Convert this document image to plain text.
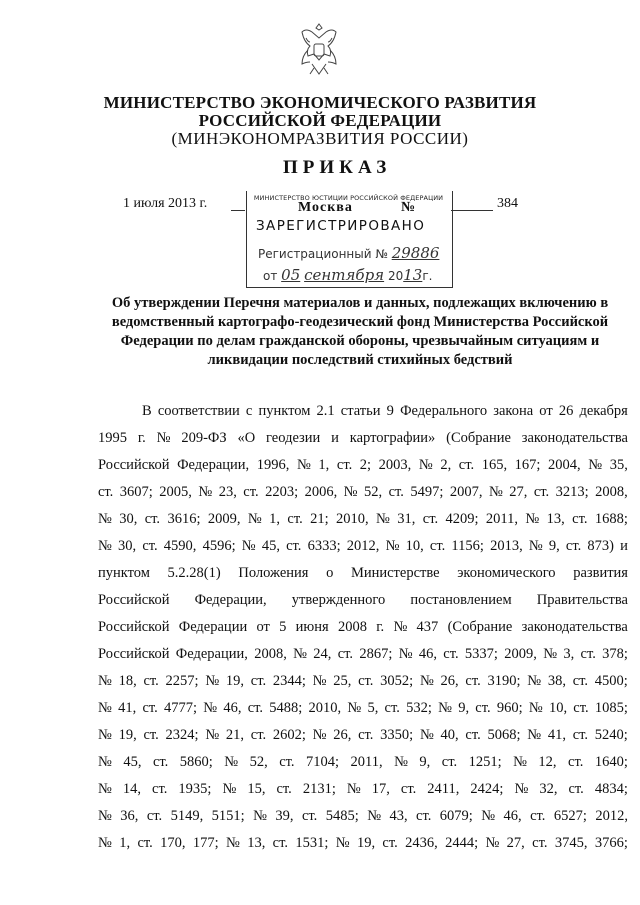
МИНИСТЕРСТВО ЭКОНОМИЧЕСКОГО РАЗВИТИЯ
РОССИЙСКОЙ ФЕДЕРАЦИИ
(МИНЭКОНОМРАЗВИТИЯ РОССИИ)
ПРИКАЗ
1 июля 2013 г.	384
МИНИСТЕРСТВО ЮСТИЦИИ РОССИЙСКОЙ ФЕДЕРАЦИИ
Москва	№
ЗАРЕГИСТРИРОВАНО
Регистрационный № 29886
от 05 сентября 2013г.
Об утверждении Перечня материалов и данных, подлежащих включению в
ведомственный картографо-геодезический фонд Министерства Российской
Федерации по делам гражданской обороны, чрезвычайным ситуациям и
ликвидации последствий стихийных бедствий
В соответствии с пунктом 2.1 статьи 9 Федерального закона от 26 декабря
1995 г. № 209-ФЗ «О геодезии и картографии» (Собрание законодательства
Российской Федерации, 1996, № 1, ст. 2; 2003, № 2, ст. 165, 167; 2004, № 35,
ст. 3607; 2005, № 23, ст. 2203; 2006, № 52, ст. 5497; 2007, № 27, ст. 3213; 2008,
№ 30, ст. 3616; 2009, № 1, ст. 21; 2010, № 31, ст. 4209; 2011, № 13, ст. 1688;
№ 30, ст. 4590, 4596; № 45, ст. 6333; 2012, № 10, ст. 1156; 2013, № 9, ст. 873) и
пунктом 5.2.28(1) Положения о Министерстве экономического развития
Российской Федерации, утвержденного постановлением Правительства
Российской Федерации от 5 июня 2008 г. № 437 (Собрание законодательства
Российской Федерации, 2008, № 24, ст. 2867; № 46, ст. 5337; 2009, № 3, ст. 378;
№ 18, ст. 2257; № 19, ст. 2344; № 25, ст. 3052; № 26, ст. 3190; № 38, ст. 4500;
№ 41, ст. 4777; № 46, ст. 5488; 2010, № 5, ст. 532; № 9, ст. 960; № 10, ст. 1085;
№ 19, ст. 2324; № 21, ст. 2602; № 26, ст. 3350; № 40, ст. 5068; № 41, ст. 5240;
№ 45, ст. 5860; № 52, ст. 7104; 2011, № 9, ст. 1251; № 12, ст. 1640;
№ 14, ст. 1935; № 15, ст. 2131; № 17, ст. 2411, 2424; № 32, ст. 4834;
№ 36, ст. 5149, 5151; № 39, ст. 5485; № 43, ст. 6079; № 46, ст. 6527; 2012,
№ 1, ст. 170, 177; № 13, ст. 1531; № 19, ст. 2436, 2444; № 27, ст. 3745, 3766;
